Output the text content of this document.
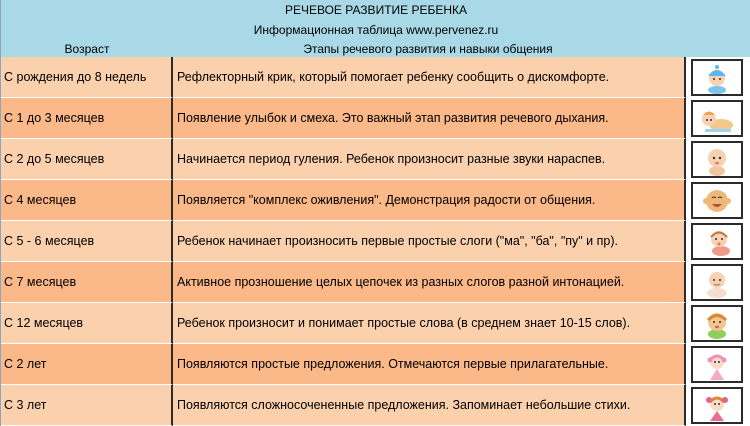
РЕЧЕВОЕ РАЗВИТИЕ РЕБЕНКА
Информационная таблица www.pervenez.ru
Возраст	Этапы речевого развития и навыки общения
С рождения до 8 недель	Рефлекторный крик, который помогает ребенку сообщить о дискомфорте.
С 1 до 3 месяцев	Появление улыбок и смеха. Это важный этап развития речевого дыхания.
С 2 до 5 месяцев	Начинается период гуления. Ребенок произносит разные звуки нараспев.
С 4 месяцев	Появляется "комплекс оживления". Демонстрация радости от общения.
С 5 - 6 месяцев	Ребенок начинает произносить первые простые слоги ("ма", "ба", "пу" и пр).
С 7 месяцев	Активное прозношение целых цепочек из разных слогов разной интонацией.
С 12 месяцев	Ребенок произносит и понимает простые слова (в среднем знает 10-15 слов).
С 2 лет	Появляются простые предложения. Отмечаются первые прилагательные.
С 3 лет	Появляются сложносочененные предложения. Запоминает небольшие стихи.
